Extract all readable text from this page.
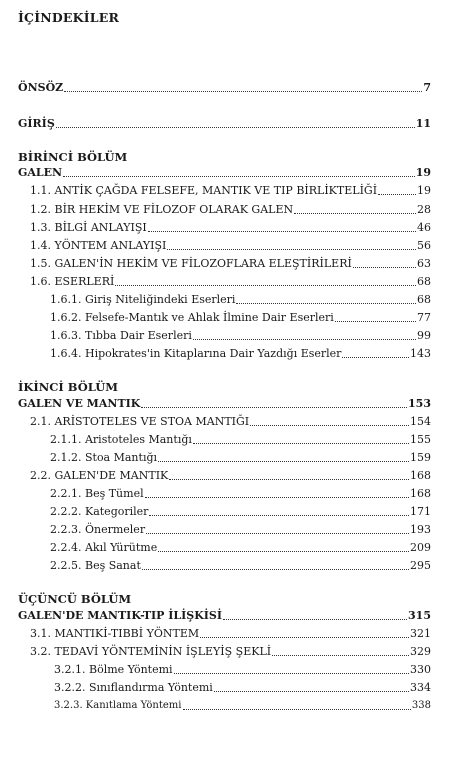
İÇİNDEKİLER
ÖNSÖZ	7
GİRİŞ	11
BİRİNCİ BÖLÜM
GALEN	19
1.1. ANTİK ÇAĞDA FELSEFE, MANTIK VE TIP BİRLİKTELİĞİ	19
1.2. BİR HEKİM VE FİLOZOF OLARAK GALEN	28
1.3. BİLGİ ANLAYIŞI	46
1.4. YÖNTEM ANLAYIŞI	56
1.5. GALEN'İN HEKİM VE FİLOZOFLARA ELEŞTİRİLERİ	63
1.6. ESERLERİ	68
1.6.1. Giriş Niteliğindeki Eserleri	68
1.6.2. Felsefe-Mantık ve Ahlak İlmine Dair Eserleri	77
1.6.3. Tıbba Dair Eserleri	99
1.6.4. Hipokrates'in Kitaplarına Dair Yazdığı Eserler	143
İKİNCİ BÖLÜM
GALEN VE MANTIK	153
2.1. ARİSTOTELES VE STOA MANTIĞI	154
2.1.1. Aristoteles Mantığı	155
2.1.2. Stoa Mantığı	159
2.2. GALEN'DE MANTIK	168
2.2.1. Beş Tümel	168
2.2.2. Kategoriler	171
2.2.3. Önermeler	193
2.2.4. Akıl Yürütme	209
2.2.5. Beş Sanat	295
ÜÇÜNCÜ BÖLÜM
GALEN'DE MANTIK-TIP İLİŞKİSİ	315
3.1. MANTIKİ-TIBBİ YÖNTEM	321
3.2. TEDAVİ YÖNTEMİNİN İŞLEYİŞ ŞEKLİ	329
3.2.1. Bölme Yöntemi	330
3.2.2. Sınıflandırma Yöntemi	334
3.2.3. Kanıtlama Yöntemi	338
